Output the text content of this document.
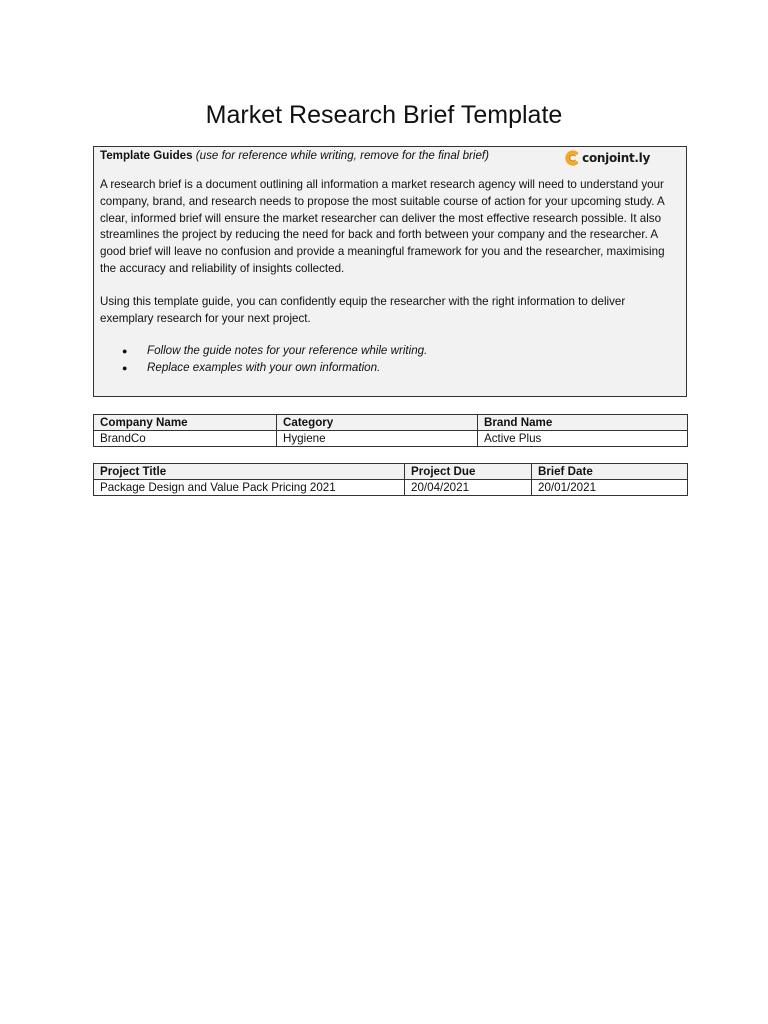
Market Research Brief Template
Template Guides (use for reference while writing, remove for the final brief)	conjoint.ly

A research brief is a document outlining all information a market research agency will need to understand your company, brand, and research needs to propose the most suitable course of action for your upcoming study. A clear, informed brief will ensure the market researcher can deliver the most effective research possible. It also streamlines the project by reducing the need for back and forth between your company and the researcher. A good brief will leave no confusion and provide a meaningful framework for you and the researcher, maximising the accuracy and reliability of insights collected.

Using this template guide, you can confidently equip the researcher with the right information to deliver exemplary research for your next project.

● Follow the guide notes for your reference while writing.
● Replace examples with your own information.
Company Name	Category	Brand Name
BrandCo	Hygiene	Active Plus
Project Title	Project Due	Brief Date
Package Design and Value Pack Pricing 2021	20/04/2021	20/01/2021
